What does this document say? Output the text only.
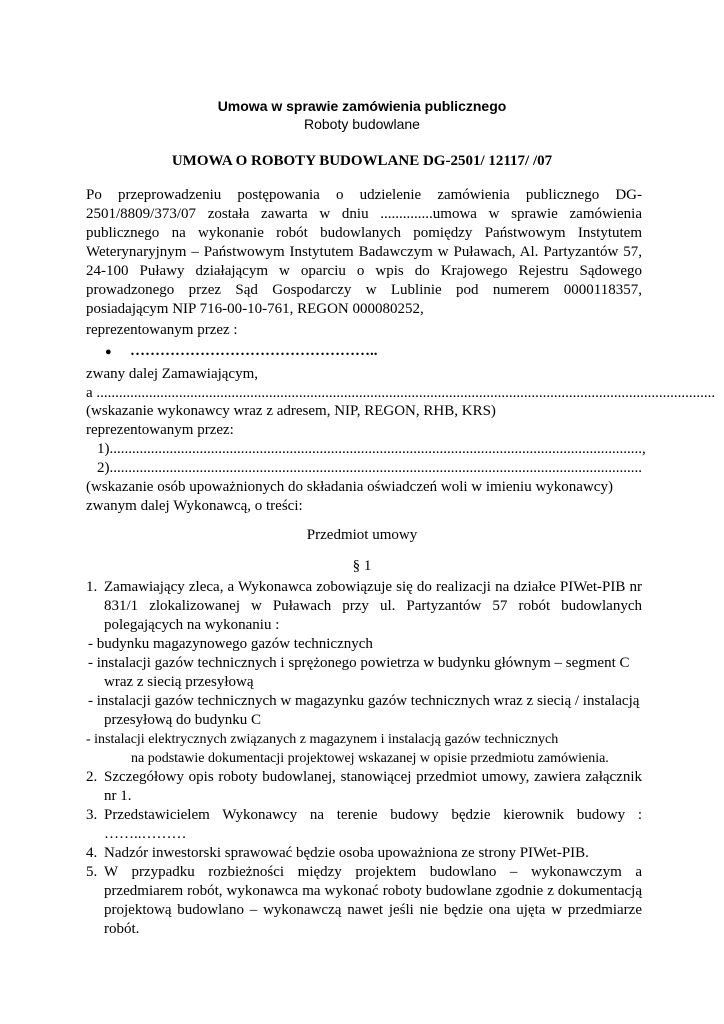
Umowa w sprawie zamówienia publicznego
Roboty budowlane
UMOWA O ROBOTY BUDOWLANE DG-2501/ 12117/ /07
Po przeprowadzeniu postępowania o udzielenie zamówienia publicznego DG-2501/8809/373/07 została zawarta w dniu ..............umowa w sprawie zamówienia publicznego na wykonanie robót budowlanych pomiędzy Państwowym Instytutem Weterynaryjnym – Państwowym Instytutem Badawczym w Puławach, Al. Partyzantów 57, 24-100 Puławy działającym w oparciu o wpis do Krajowego Rejestru Sądowego prowadzonego przez Sąd Gospodarczy w Lublinie pod numerem 0000118357, posiadającym NIP 716-00-10-761, REGON 000080252,
reprezentowanym przez :
● …………………………………………..
zwany dalej Zamawiającym,
a .....................................................................................................................................................................
(wskazanie wykonawcy wraz z adresem, NIP, REGON, RHB, KRS)
reprezentowanym przez:
1)..............................................................................................................................................,
2)..............................................................................................................................................
(wskazanie osób upoważnionych do składania oświadczeń woli w imieniu wykonawcy)
zwanym dalej Wykonawcą, o treści:
Przedmiot umowy
§ 1
1. Zamawiający zleca, a Wykonawca zobowiązuje się do realizacji na działce PIWet-PIB nr 831/1 zlokalizowanej w Puławach przy ul. Partyzantów 57 robót budowlanych polegających na wykonaniu :
- budynku magazynowego gazów technicznych
- instalacji gazów technicznych i sprężonego powietrza w budynku głównym – segment C
wraz z siecią przesyłową
- instalacji gazów technicznych w magazynku gazów technicznych wraz z siecią / instalacją
przesyłową do budynku C
- instalacji elektrycznych związanych z magazynem i instalacją gazów technicznych
na podstawie dokumentacji projektowej wskazanej w opisie przedmiotu zamówienia.
2. Szczegółowy opis roboty budowlanej, stanowiącej przedmiot umowy, zawiera załącznik nr 1.
3. Przedstawicielem Wykonawcy na terenie budowy będzie kierownik budowy : ……..………
4. Nadzór inwestorski sprawować będzie osoba upoważniona ze strony PIWet-PIB.
5. W przypadku rozbieżności między projektem budowlano – wykonawczym a przedmiarem robót, wykonawca ma wykonać roboty budowlane zgodnie z dokumentacją projektową budowlano – wykonawczą nawet jeśli nie będzie ona ujęta w przedmiarze robót.
